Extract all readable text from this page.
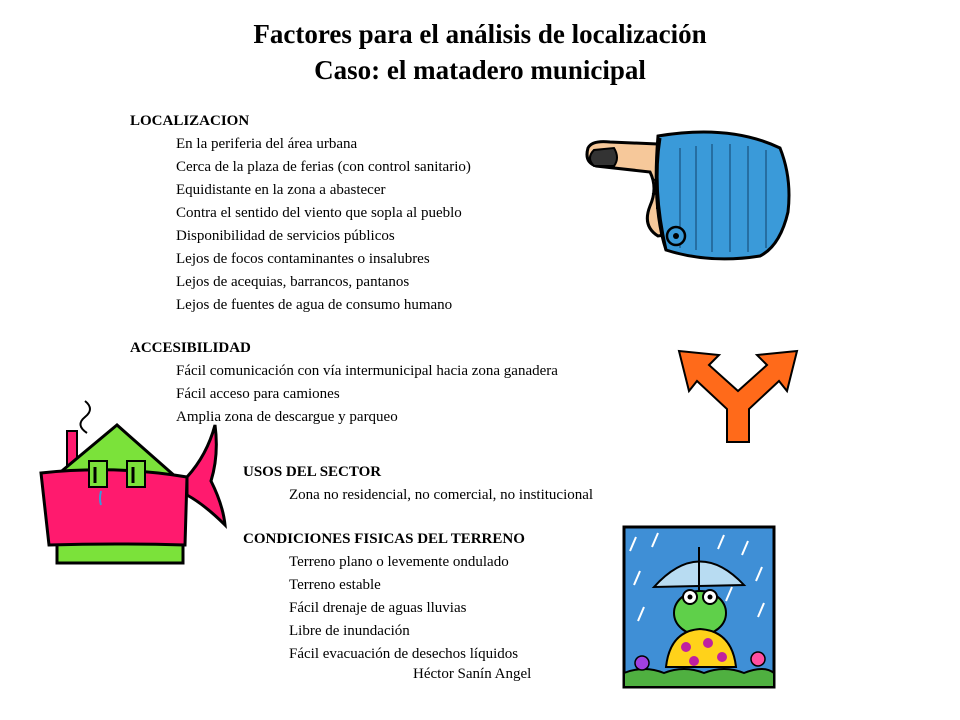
Factores para el análisis de localización
Caso: el matadero municipal
LOCALIZACION
En la periferia del área urbana
Cerca de la plaza de ferias (con control sanitario)
Equidistante en la zona a abastecer
Contra el sentido del viento que sopla al pueblo
Disponibilidad de servicios públicos
Lejos de focos contaminantes o insalubres
Lejos de acequias, barrancos, pantanos
Lejos de fuentes de agua de consumo humano
ACCESIBILIDAD
Fácil comunicación con vía intermunicipal hacia zona ganadera
Fácil acceso para camiones
Amplia zona de descargue y parqueo
USOS DEL SECTOR
Zona no residencial, no comercial, no institucional
CONDICIONES FISICAS DEL TERRENO
Terreno plano o levemente ondulado
Terreno estable
Fácil drenaje de aguas lluvias
Libre de inundación
Fácil evacuación de desechos líquidos
Héctor Sanín Angel
